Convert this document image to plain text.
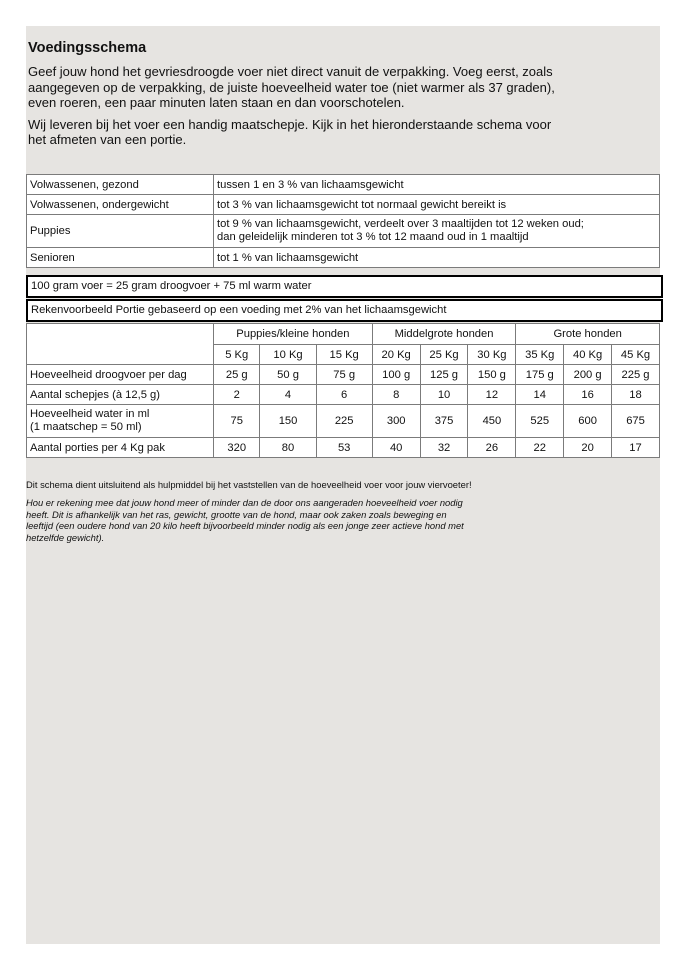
Voedingsschema
Geef jouw hond het gevriesdroogde voer niet direct vanuit de verpakking. Voeg eerst, zoals
aangegeven op de verpakking, de juiste hoeveelheid water toe (niet warmer als 37 graden),
even roeren, een paar minuten laten staan en dan voorschotelen.
Wij leveren bij het voer een handig maatschepje. Kijk in het hieronderstaande schema voor
het afmeten van een portie.
Volwassenen, gezond	tussen 1 en 3 % van lichaamsgewicht
Volwassenen, ondergewicht	tot 3 % van lichaamsgewicht tot normaal gewicht bereikt is
Puppies	tot 9 % van lichaamsgewicht, verdeelt over 3 maaltijden tot 12 weken oud;
dan geleidelijk minderen tot 3 % tot 12 maand oud in 1 maaltijd

Senioren	tot 1 % van lichaamsgewicht
100 gram voer = 25 gram droogvoer + 75 ml warm water
Rekenvoorbeeld Portie gebaseerd op een voeding met 2% van het lichaamsgewicht
	Puppies/kleine honden			Middelgrote honden			Grote honden		
	5 Kg	10 Kg	15 Kg	20 Kg	25 Kg	30 Kg	35 Kg	40 Kg	45 Kg
Hoeveelheid droogvoer per dag	25 g	50 g	75 g	100 g	125 g	150 g	175 g	200 g	225 g
Aantal schepjes (à 12,5 g)	2	4	6	8	10	12	14	16	18

Hoeveelheid water in ml
(1 maatschep = 50 ml)	75	150	225	300	375	450	525	600	675
Aantal porties per 4 Kg pak	320	80	53	40	32	26	22	20	17
Dit schema dient uitsluitend als hulpmiddel bij het vaststellen van de hoeveelheid voer voor jouw viervoeter!
Hou er rekening mee dat jouw hond meer of minder dan de door ons aangeraden hoeveelheid voer nodig
heeft. Dit is afhankelijk van het ras, gewicht, grootte van de hond, maar ook zaken zoals beweging en
leeftijd (een oudere hond van 20 kilo heeft bijvoorbeeld minder nodig als een jonge zeer actieve hond met
hetzelfde gewicht).
